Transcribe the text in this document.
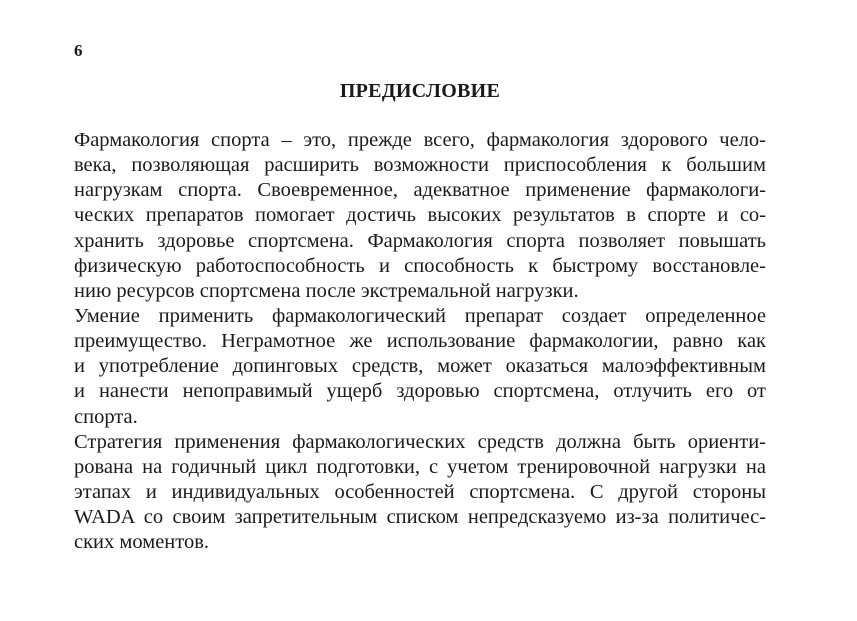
6
ПРЕДИСЛОВИЕ
Фармакология спорта – это, прежде всего, фармакология здорового чело-
века, позволяющая расширить возможности приспособления к большим
нагрузкам спорта. Своевременное, адекватное применение фармакологи-
ческих препаратов помогает достичь высоких результатов в спорте и со-
хранить здоровье спортсмена. Фармакология спорта позволяет повышать
физическую работоспособность и способность к быстрому восстановле-
нию ресурсов спортсмена после экстремальной нагрузки.
Умение применить фармакологический препарат создает определенное
преимущество. Неграмотное же использование фармакологии, равно как
и употребление допинговых средств, может оказаться малоэффективным
и нанести непоправимый ущерб здоровью спортсмена, отлучить его от
спорта.
Стратегия применения фармакологических средств должна быть ориенти-
рована на годичный цикл подготовки, с учетом тренировочной нагрузки на
этапах и индивидуальных особенностей спортсмена. С другой стороны
WADA со своим запретительным списком непредсказуемо из-за политичес-
ских моментов.
